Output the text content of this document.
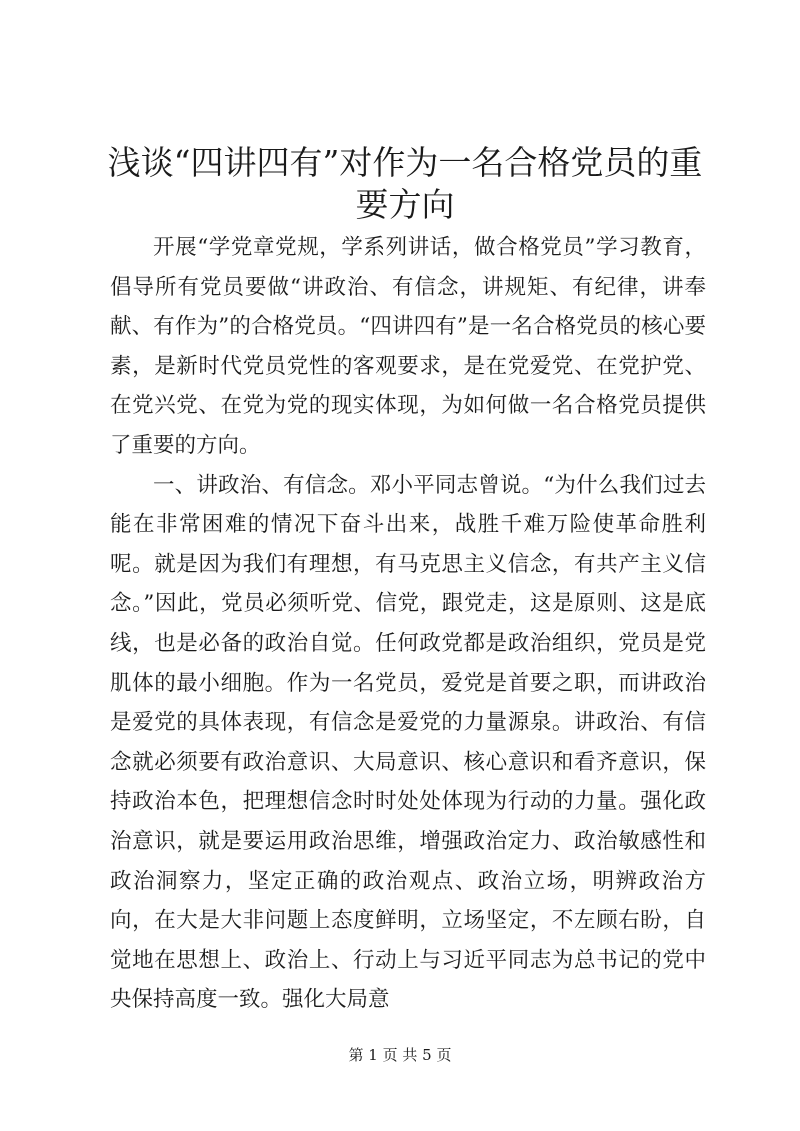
浅谈“四讲四有”对作为一名合格党员的重要方向

开展“学党章党规，学系列讲话，做合格党员”学习教育，倡导所有党员要做“讲政治、有信念，讲规矩、有纪律，讲奉献、有作为”的合格党员。“四讲四有”是一名合格党员的核心要素，是新时代党员党性的客观要求，是在党爱党、在党护党、在党兴党、在党为党的现实体现，为如何做一名合格党员提供了重要的方向。

一、讲政治、有信念。邓小平同志曾说。“为什么我们过去能在非常困难的情况下奋斗出来，战胜千难万险使革命胜利呢。就是因为我们有理想，有马克思主义信念，有共产主义信念。”因此，党员必须听党、信党，跟党走，这是原则、这是底线，也是必备的政治自觉。任何政党都是政治组织，党员是党肌体的最小细胞。作为一名党员，爱党是首要之职，而讲政治是爱党的具体表现，有信念是爱党的力量源泉。讲政治、有信念就必须要有政治意识、大局意识、核心意识和看齐意识，保持政治本色，把理想信念时时处处体现为行动的力量。强化政治意识，就是要运用政治思维，增强政治定力、政治敏感性和政治洞察力，坚定正确的政治观点、政治立场，明辨政治方向，在大是大非问题上态度鲜明，立场坚定，不左顾右盼，自觉地在思想上、政治上、行动上与习近平同志为总书记的党中央保持高度一致。强化大局意

第 1 页 共 5 页
